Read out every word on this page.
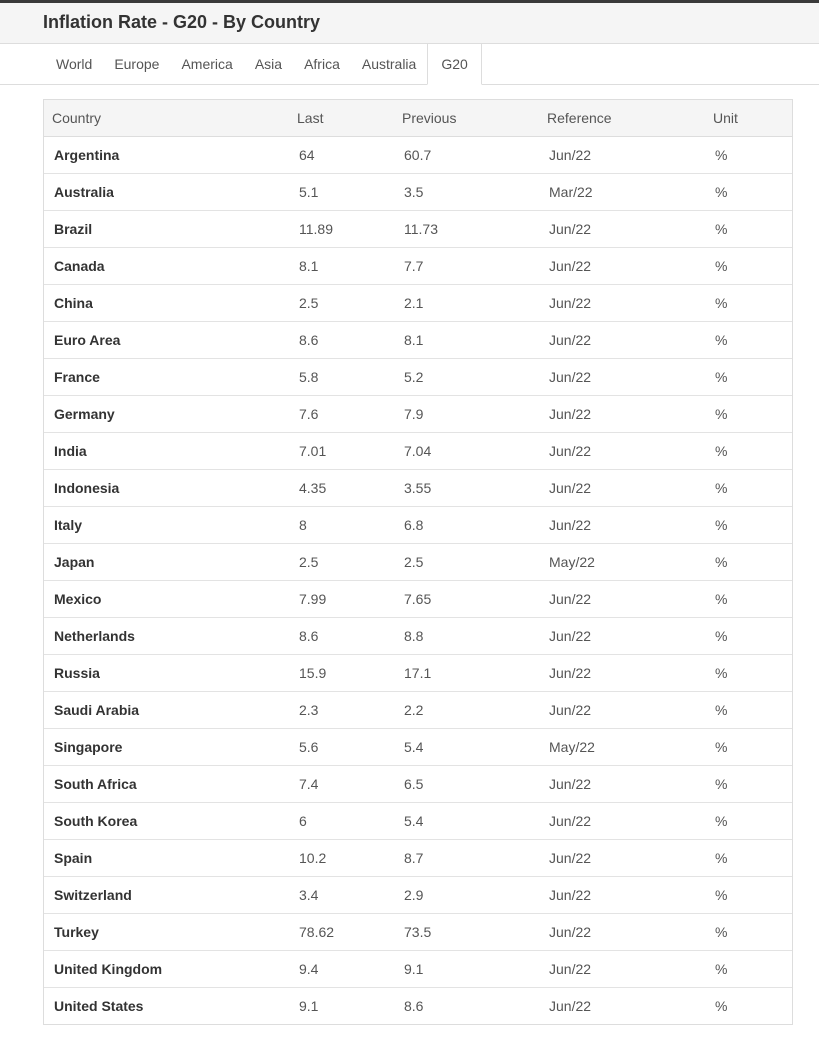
Inflation Rate - G20 - By Country
World	Europe	America	Asia	Africa	Australia	G20
Country	Last	Previous	Reference	Unit
Argentina	64	60.7	Jun/22	%
Australia	5.1	3.5	Mar/22	%
Brazil	11.89	11.73	Jun/22	%
Canada	8.1	7.7	Jun/22	%
China	2.5	2.1	Jun/22	%
Euro Area	8.6	8.1	Jun/22	%
France	5.8	5.2	Jun/22	%
Germany	7.6	7.9	Jun/22	%
India	7.01	7.04	Jun/22	%
Indonesia	4.35	3.55	Jun/22	%
Italy	8	6.8	Jun/22	%
Japan	2.5	2.5	May/22	%
Mexico	7.99	7.65	Jun/22	%
Netherlands	8.6	8.8	Jun/22	%
Russia	15.9	17.1	Jun/22	%
Saudi Arabia	2.3	2.2	Jun/22	%
Singapore	5.6	5.4	May/22	%
South Africa	7.4	6.5	Jun/22	%
South Korea	6	5.4	Jun/22	%
Spain	10.2	8.7	Jun/22	%
Switzerland	3.4	2.9	Jun/22	%
Turkey	78.62	73.5	Jun/22	%
United Kingdom	9.4	9.1	Jun/22	%
United States	9.1	8.6	Jun/22	%
